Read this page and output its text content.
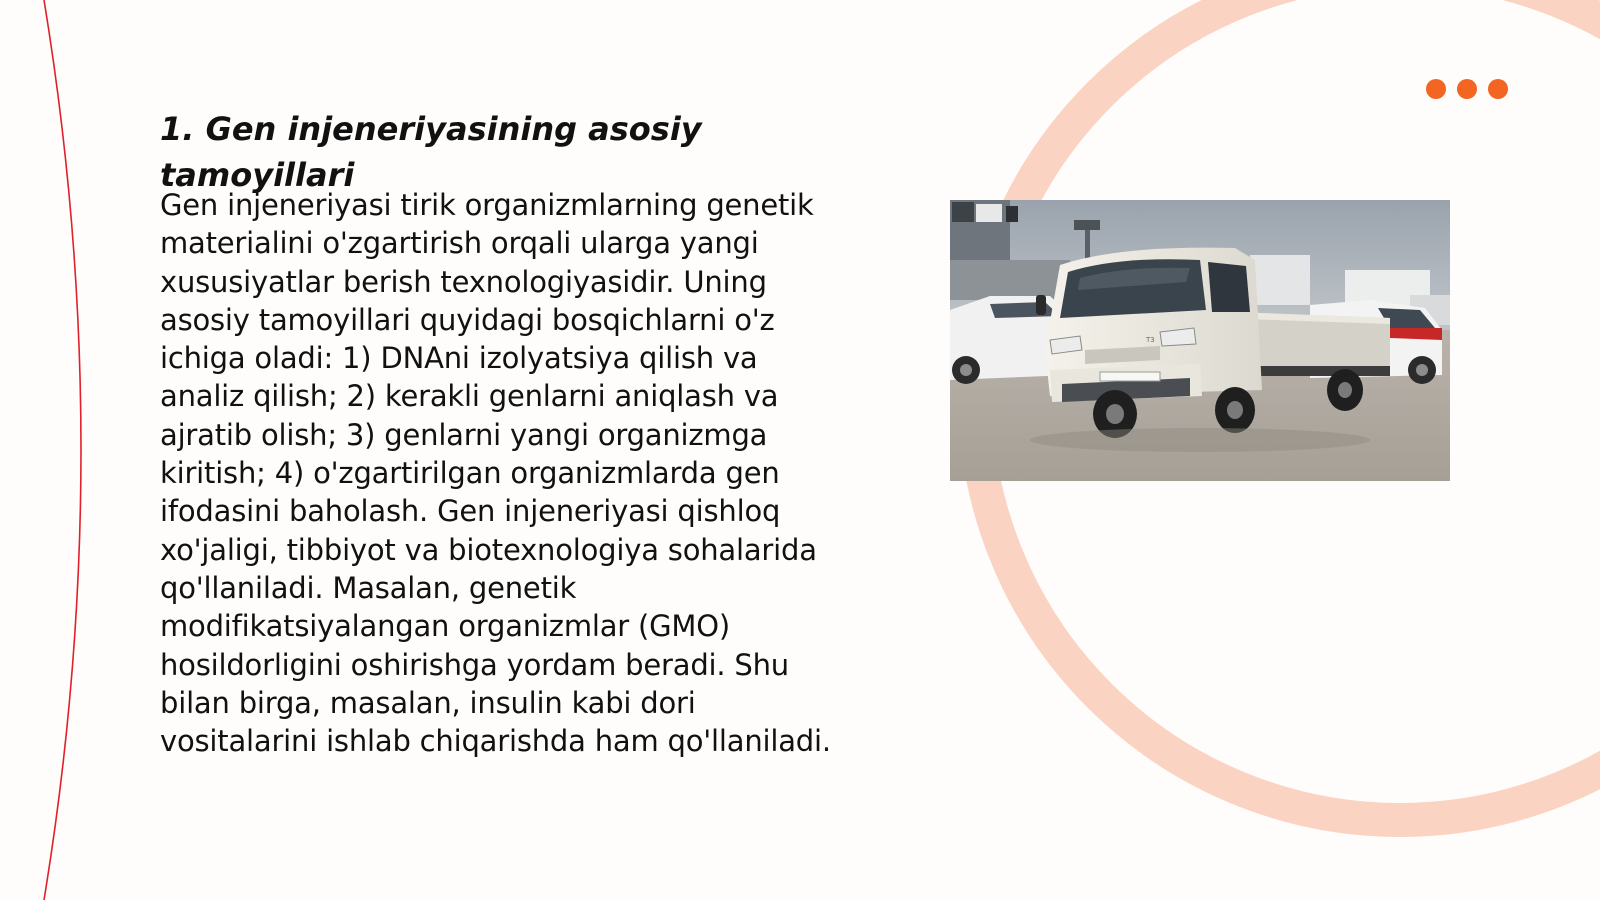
1. Gen injeneriyasining asosiy tamoyillari

Gen injeneriyasi tirik organizmlarning genetik materialini o'zgartirish orqali ularga yangi xususiyatlar berish texnologiyasidir. Uning asosiy tamoyillari quyidagi bosqichlarni o'z ichiga oladi: 1) DNAni izolyatsiya qilish va analiz qilish; 2) kerakli genlarni aniqlash va ajratib olish; 3) genlarni yangi organizmga kiritish; 4) o'zgartirilgan organizmlarda gen ifodasini baholash. Gen injeneriyasi qishloq xo'jaligi, tibbiyot va biotexnologiya sohalarida qo'llaniladi. Masalan, genetik modifikatsiyalangan organizmlar (GMO) hosildorligini oshirishga yordam beradi. Shu bilan birga, masalan, insulin kabi dori vositalarini ishlab chiqarishda ham qo'llaniladi.

T3
